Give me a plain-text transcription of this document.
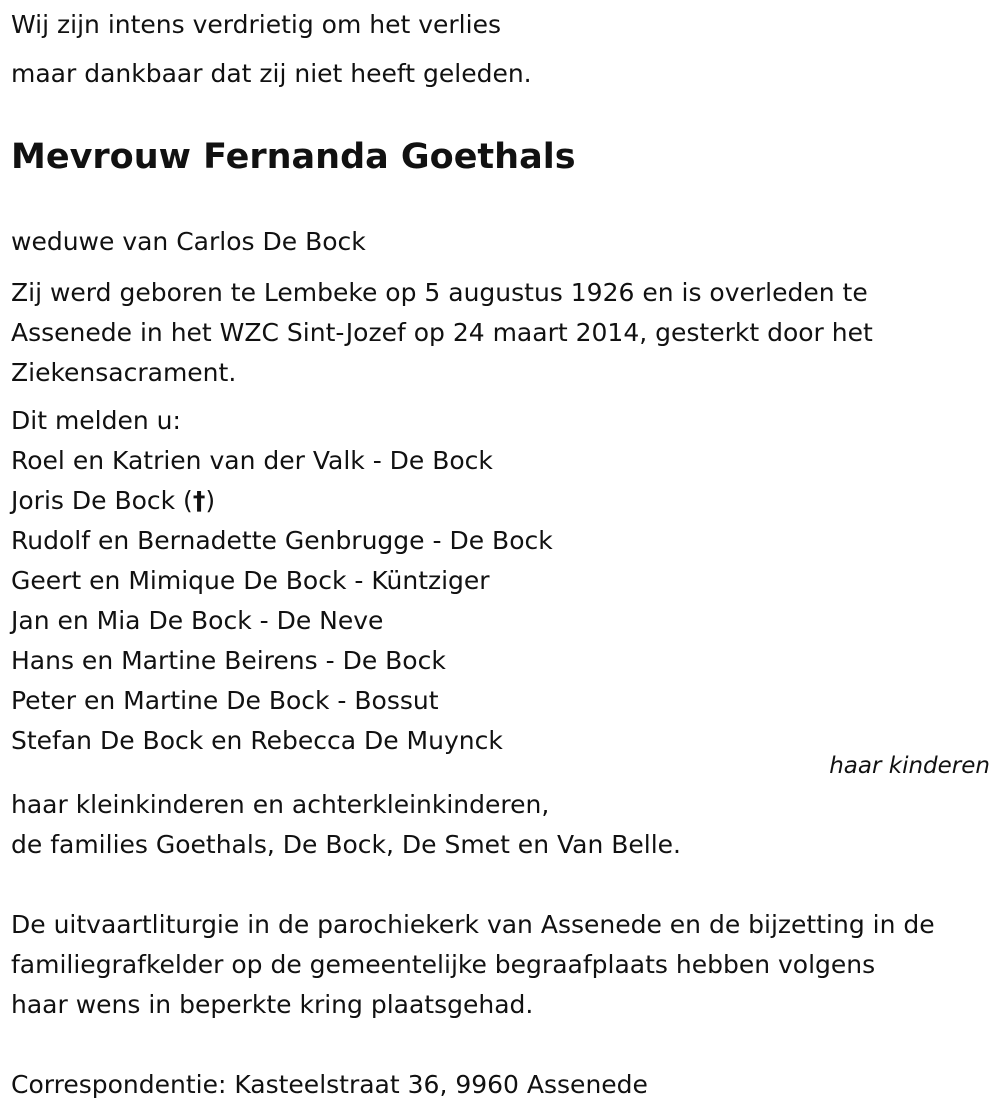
Wij zijn intens verdrietig om het verlies

maar dankbaar dat zij niet heeft geleden.

Mevrouw Fernanda Goethals

weduwe van Carlos De Bock

Zij werd geboren te Lembeke op 5 augustus 1926 en is overleden te

Assenede in het WZC Sint-Jozef op 24 maart 2014, gesterkt door het

Ziekensacrament.

Dit melden u:

Roel en Katrien van der Valk - De Bock

Joris De Bock (†)

Rudolf en Bernadette Genbrugge - De Bock

Geert en Mimique De Bock - Küntziger

Jan en Mia De Bock - De Neve

Hans en Martine Beirens - De Bock

Peter en Martine De Bock - Bossut

Stefan De Bock en Rebecca De Muynck

haar kinderen

haar kleinkinderen en achterkleinkinderen,

de families Goethals, De Bock, De Smet en Van Belle.

De uitvaartliturgie in de parochiekerk van Assenede en de bijzetting in de

familiegrafkelder op de gemeentelijke begraafplaats hebben volgens

haar wens in beperkte kring plaatsgehad.

Correspondentie: Kasteelstraat 36, 9960 Assenede
